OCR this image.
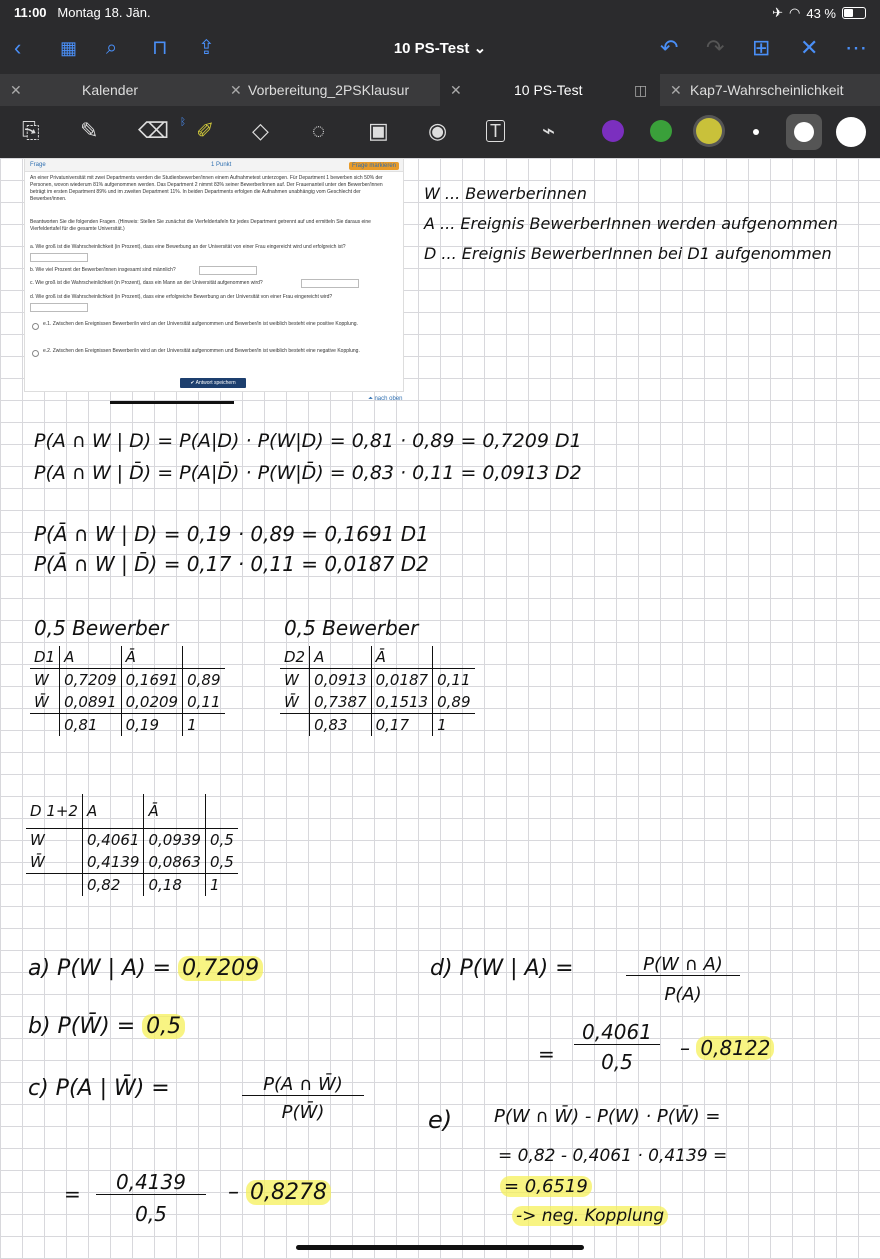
11:00 Montag 18. Jän.	✈ ◠ 43 %
‹ ▦ ⌕ ⊓ ⇪	10 PS-Test ⌄	↶ ↷ ⊞ ✕ ⋯
✕	Kalender	✕ Vorbereitung_2PSKlausur	✕	10 PS-Test	◫ ✕ Kap7-Wahrscheinlichkeit
⎘ ✎ ⌫ ᛒ ✐ ◇ ◌ ▣ ◉ T ⌁
Frage	1 Punkt	Frage markieren

An einer Privatuniversität mit zwei Departments werden die Studienbewerber/innen einem Aufnahmetest unterzogen. Für Department 1 bewerben sich 50% der Personen, wovon wiederum 81% aufgenommen werden. Das Department 2 nimmt 83% seiner Bewerber/innen auf. Der Frauenanteil unter den Bewerber/innen beträgt im ersten Department 89% und im zweiten Department 11%. In beiden Departments erfolgen die Aufnahmen unabhängig vom Geschlecht der Bewerber/innen.

Beantworten Sie die folgenden Fragen. (Hinweis: Stellen Sie zunächst die Vierfeldertafeln für jedes Department getrennt auf und ermitteln Sie daraus eine Vierfeldertafel für die gesamte Universität.)

a. Wie groß ist die Wahrscheinlichkeit (in Prozent), dass eine Bewerbung an der Universität von einer Frau eingereicht wird und erfolgreich ist?

b. Wie viel Prozent der Bewerber/innen insgesamt sind männlich?

c. Wie groß ist die Wahrscheinlichkeit (in Prozent), dass ein Mann an der Universität aufgenommen wird?

d. Wie groß ist die Wahrscheinlichkeit (in Prozent), dass eine erfolgreiche Bewerbung an der Universität von einer Frau eingereicht wird?

e.1. Zwischen den Ereignissen Bewerber/in wird an der Universität aufgenommen und Bewerber/in ist weiblich besteht eine positive Kopplung.

e.2. Zwischen den Ereignissen Bewerber/in wird an der Universität aufgenommen und Bewerber/in ist weiblich besteht eine negative Kopplung.

✔ Antwort speichern
⏶ nach oben
W ... Bewerberinnen
A ... Ereignis BewerberInnen werden aufgenommen
D ... Ereignis BewerberInnen bei D1 aufgenommen
P(A ∩ W | D) = P(A|D) · P(W|D) = 0,81 · 0,89 = 0,7209 D1
P(A ∩ W | D̄) = P(A|D̄) · P(W|D̄) = 0,83 · 0,11 = 0,0913 D2
P(Ā ∩ W | D) = 0,19 · 0,89 = 0,1691 D1
P(Ā ∩ W | D̄) = 0,17 · 0,11 = 0,0187 D2
0,5 Bewerber
D1	A	Ā	
W	0,7209	0,1691	0,89
W̄	0,0891	0,0209	0,11
	0,81	0,19	1
0,5 Bewerber
D2	A	Ā	
W	0,0913	0,0187	0,11
W̄	0,7387	0,1513	0,89
	0,83	0,17	1
D 1+2	A	Ā	
W	0,4061	0,0939	0,5
W̄	0,4139	0,0863	0,5
	0,82	0,18	1
a) P(W | A) = 0,7209
b) P(W̄) = 0,5
c) P(A | W̄) =	P(A ∩ W̄)
P(W̄)
=	0,4139
0,5
– 0,8278
d) P(W | A) =	P(W ∩ A)
P(A)
=
0,4061
0,5
– 0,8122
e) P(W ∩ W̄) - P(W) · P(W̄) =
= 0,82 - 0,4061 · 0,4139 =
= 0,6519
-> neg. Kopplung
